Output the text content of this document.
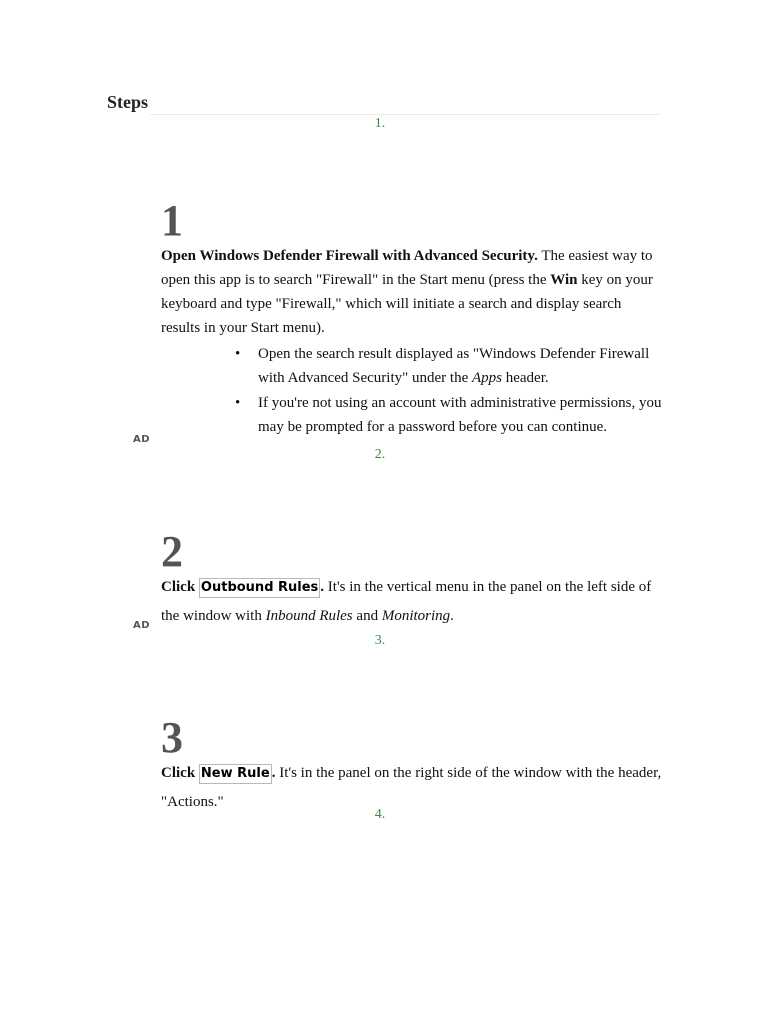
Steps
1.
1

Open Windows Defender Firewall with Advanced Security. The easiest way to open this app is to search "Firewall" in the Start menu (press the Win key on your keyboard and type "Firewall," which will initiate a search and display search results in your Start menu).

• Open the search result displayed as "Windows Defender Firewall with Advanced Security" under the Apps header.
• If you're not using an account with administrative permissions, you may be prompted for a password before you can continue.
AD
2.
2

Click Outbound Rules . It's in the vertical menu in the panel on the left side of the window with Inbound Rules and Monitoring.

AD
3.
3

Click New Rule . It's in the panel on the right side of the window with the header, "Actions."

4.
